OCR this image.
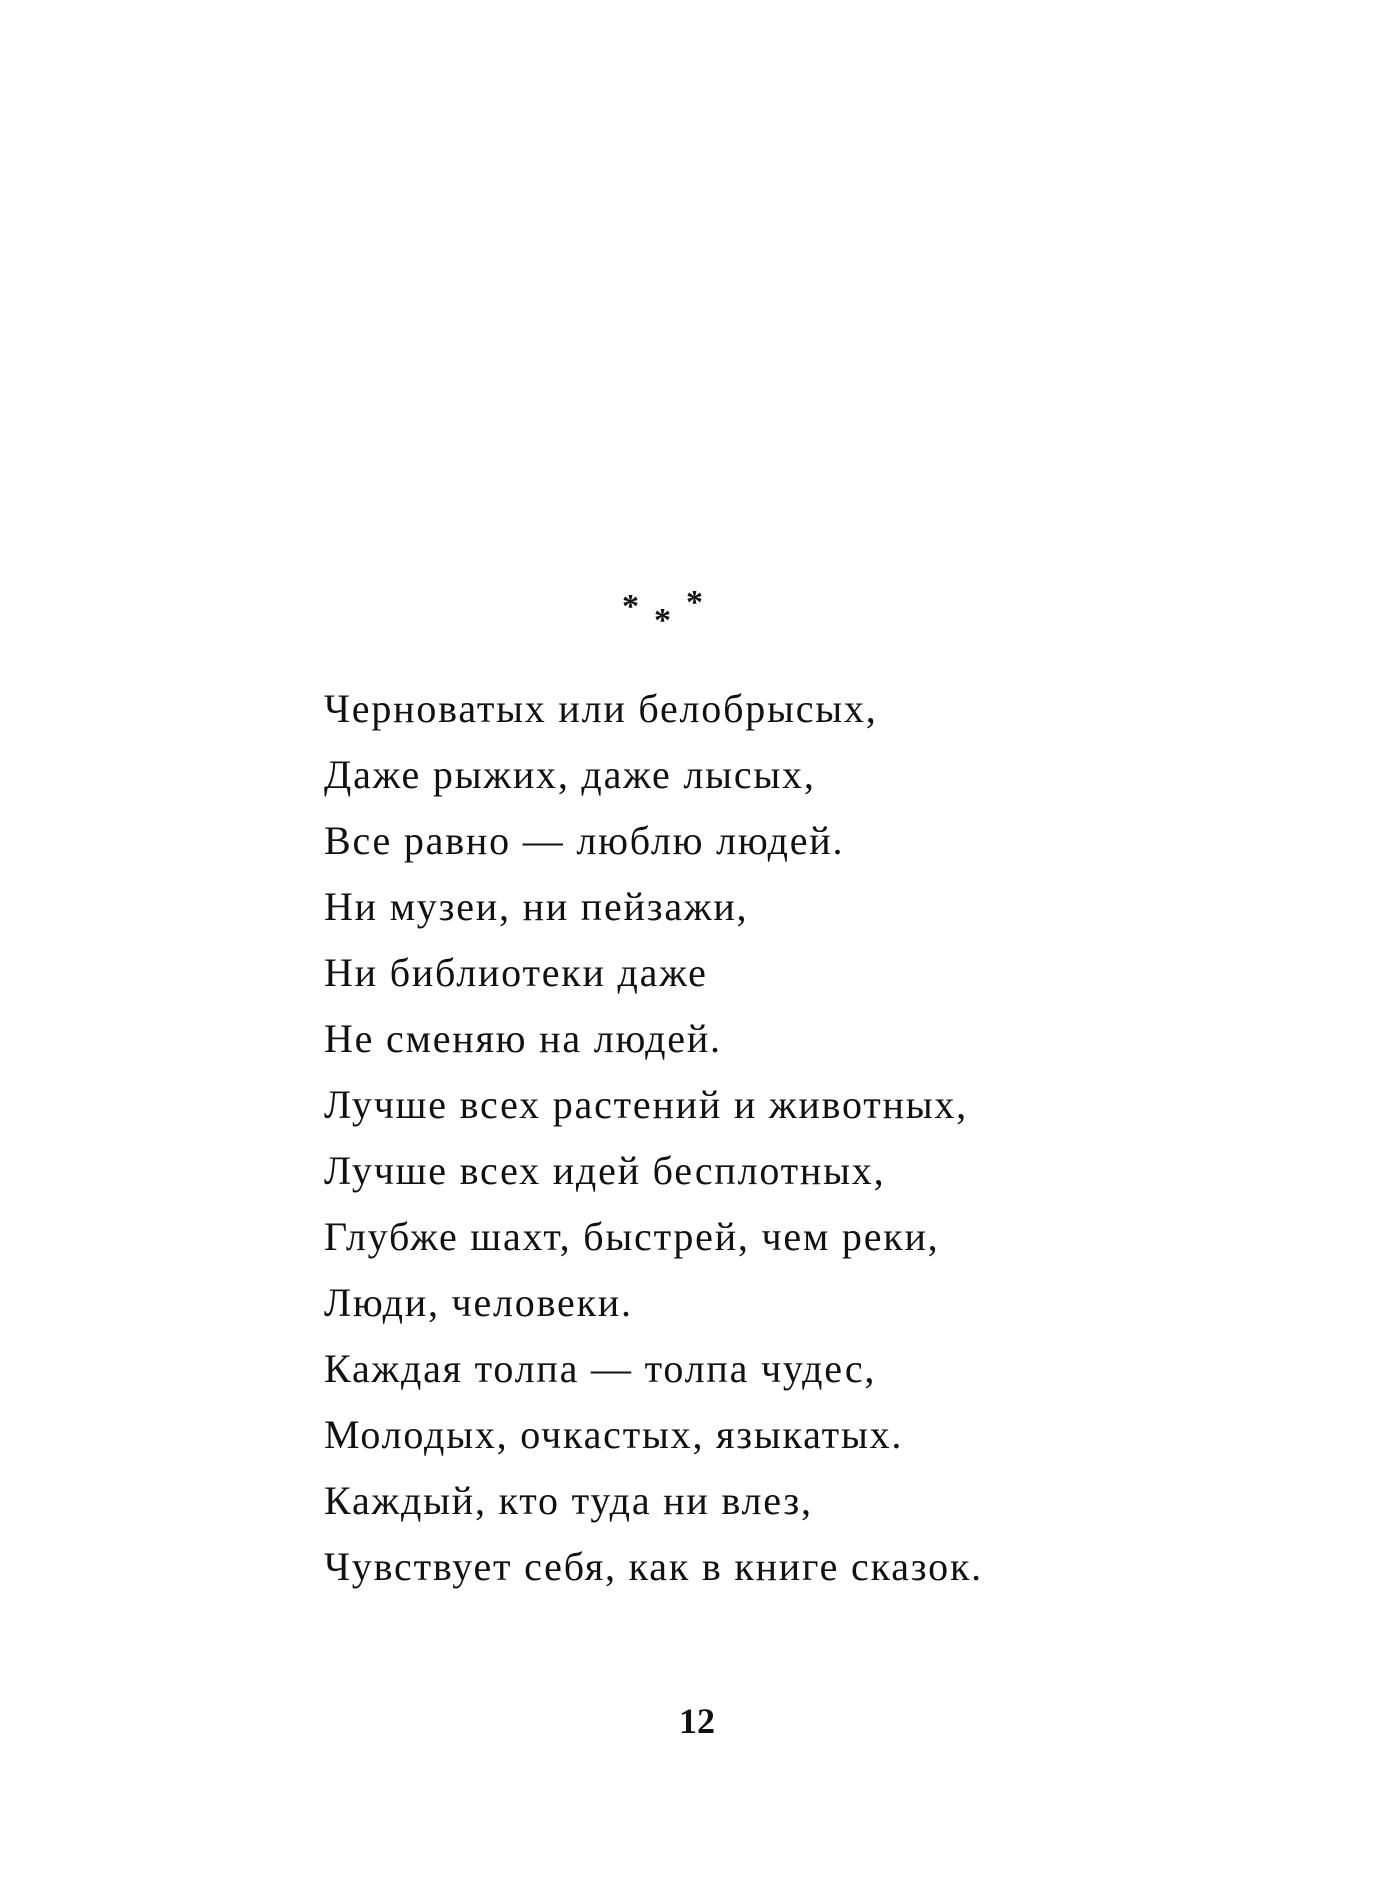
* * *
Черноватых или белобрысых,
Даже рыжих, даже лысых,
Все равно — люблю людей.
Ни музеи, ни пейзажи,
Ни библиотеки даже
Не сменяю на людей.
Лучше всех растений и животных,
Лучше всех идей бесплотных,
Глубже шахт, быстрей, чем реки,
Люди, человеки.
Каждая толпа — толпа чудес,
Молодых, очкастых, языкатых.
Каждый, кто туда ни влез,
Чувствует себя, как в книге сказок.
12
